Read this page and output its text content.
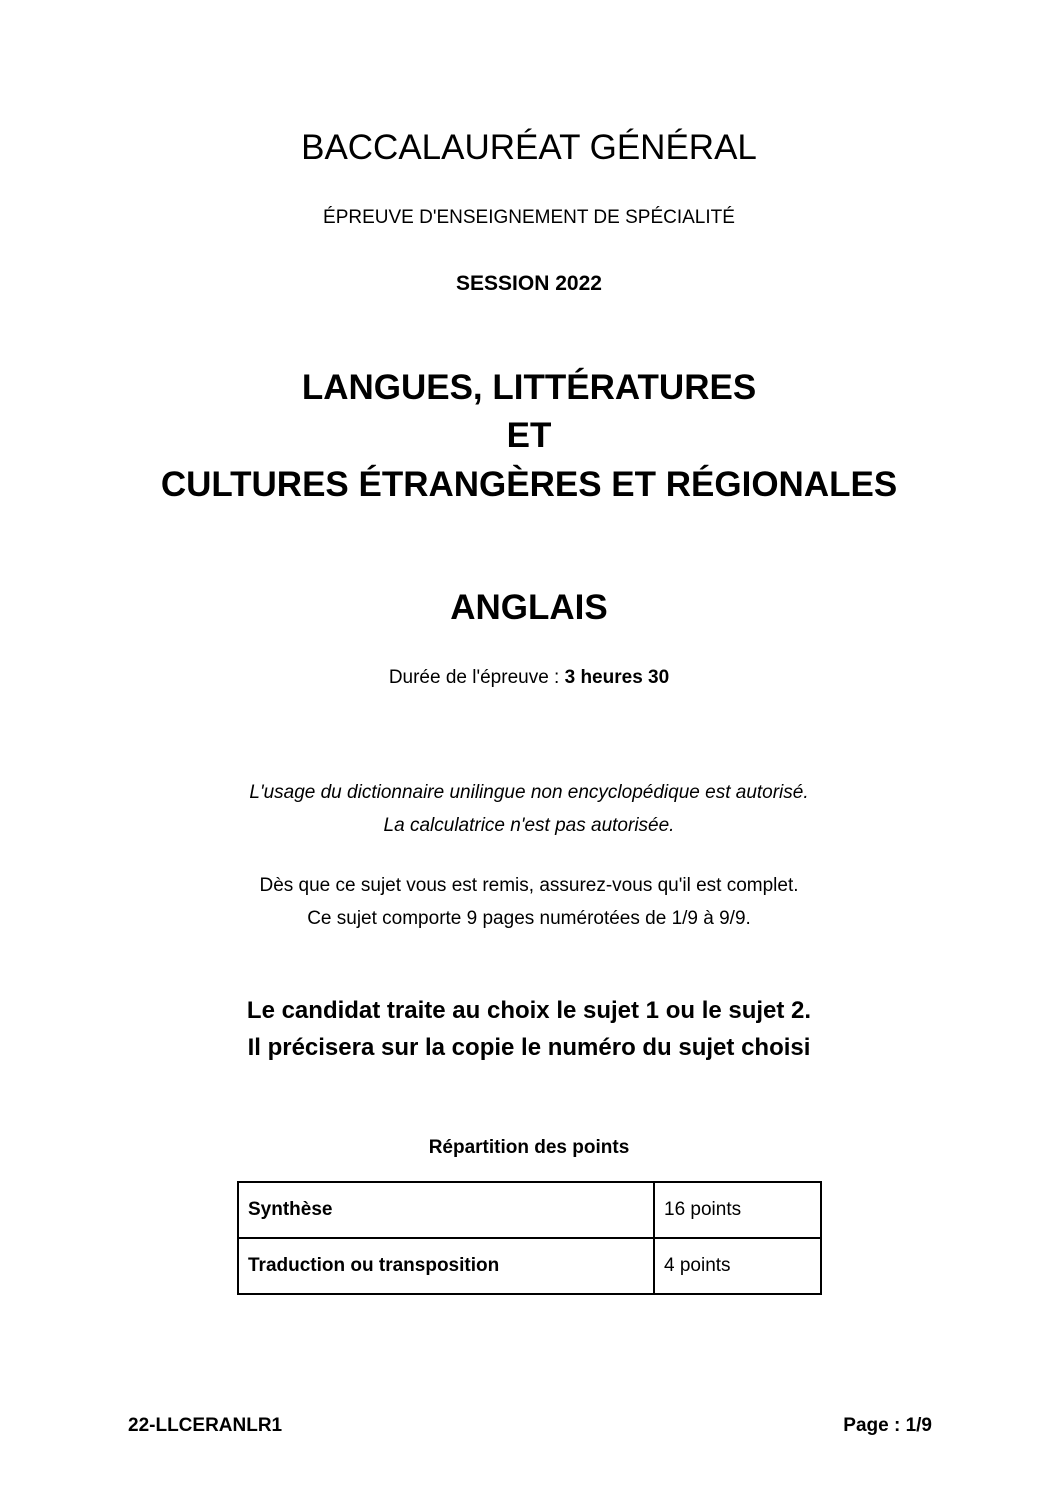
BACCALAURÉAT GÉNÉRAL
ÉPREUVE D'ENSEIGNEMENT DE SPÉCIALITÉ
SESSION 2022
LANGUES, LITTÉRATURES
ET
CULTURES ÉTRANGÈRES ET RÉGIONALES
ANGLAIS
Durée de l'épreuve : 3 heures 30
L'usage du dictionnaire unilingue non encyclopédique est autorisé.
La calculatrice n'est pas autorisée.
Dès que ce sujet vous est remis, assurez-vous qu'il est complet.
Ce sujet comporte 9 pages numérotées de 1/9 à 9/9.
Le candidat traite au choix le sujet 1 ou le sujet 2.
Il précisera sur la copie le numéro du sujet choisi
Répartition des points
Synthèse	16 points
Traduction ou transposition	4 points
22-LLCERANLR1	Page : 1/9
